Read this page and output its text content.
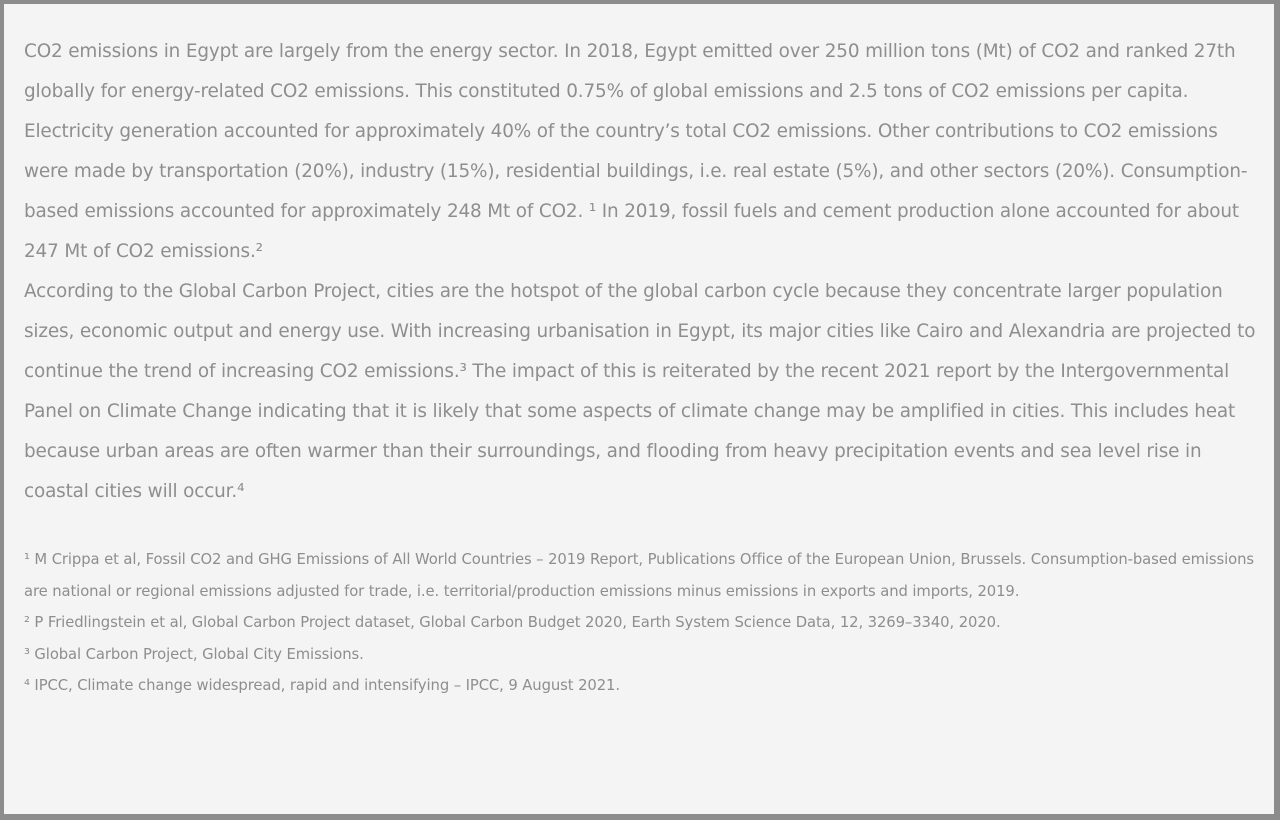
CO2 emissions in Egypt are largely from the energy sector. In 2018, Egypt emitted over 250 million tons (Mt) of CO2 and ranked 27th globally for energy-related CO2 emissions. This constituted 0.75% of global emissions and 2.5 tons of CO2 emissions per capita. Electricity generation accounted for approximately 40% of the country’s total CO2 emissions. Other contributions to CO2 emissions were made by transportation (20%), industry (15%), residential buildings, i.e. real estate (5%), and other sectors (20%). Consumption-based emissions accounted for approximately 248 Mt of CO2. ¹ In 2019, fossil fuels and cement production alone accounted for about 247 Mt of CO2 emissions.²

According to the Global Carbon Project, cities are the hotspot of the global carbon cycle because they concentrate larger population sizes, economic output and energy use. With increasing urbanisation in Egypt, its major cities like Cairo and Alexandria are projected to continue the trend of increasing CO2 emissions.³ The impact of this is reiterated by the recent 2021 report by the Intergovernmental Panel on Climate Change indicating that it is likely that some aspects of climate change may be amplified in cities. This includes heat because urban areas are often warmer than their surroundings, and flooding from heavy precipitation events and sea level rise in coastal cities will occur.⁴

¹ M Crippa et al, Fossil CO2 and GHG Emissions of All World Countries – 2019 Report, Publications Office of the European Union, Brussels. Consumption-based emissions are national or regional emissions adjusted for trade, i.e. territorial/production emissions minus emissions in exports and imports, 2019.

² P Friedlingstein et al, Global Carbon Project dataset, Global Carbon Budget 2020, Earth System Science Data, 12, 3269–3340, 2020.

³ Global Carbon Project, Global City Emissions.

⁴ IPCC, Climate change widespread, rapid and intensifying – IPCC, 9 August 2021.
